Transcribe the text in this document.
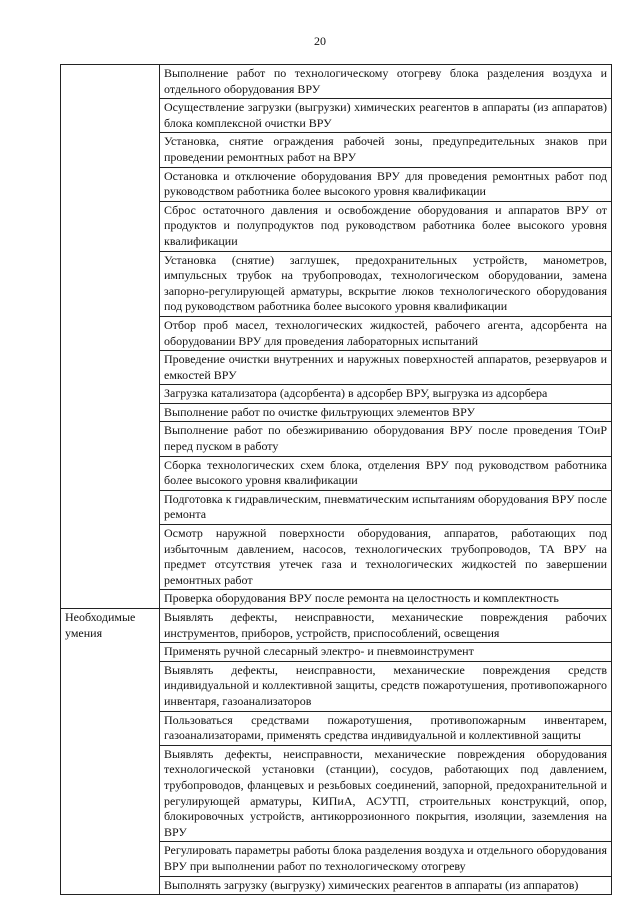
20
	Выполнение работ по технологическому отогреву блока разделения воздуха и отдельного оборудования ВРУ
	Осуществление загрузки (выгрузки) химических реагентов в аппараты (из аппаратов) блока комплексной очистки ВРУ
	Установка, снятие ограждения рабочей зоны, предупредительных знаков при проведении ремонтных работ на ВРУ
	Остановка и отключение оборудования ВРУ для проведения ремонтных работ под руководством работника более высокого уровня квалификации
	Сброс остаточного давления и освобождение оборудования и аппаратов ВРУ от продуктов и полупродуктов под руководством работника более высокого уровня квалификации
	Установка (снятие) заглушек, предохранительных устройств, манометров, импульсных трубок на трубопроводах, технологическом оборудовании, замена запорно-регулирующей арматуры, вскрытие люков технологического оборудования под руководством работника более высокого уровня квалификации
	Отбор проб масел, технологических жидкостей, рабочего агента, адсорбента на оборудовании ВРУ для проведения лабораторных испытаний
	Проведение очистки внутренних и наружных поверхностей аппаратов, резервуаров и емкостей ВРУ
	Загрузка катализатора (адсорбента) в адсорбер ВРУ, выгрузка из адсорбера
	Выполнение работ по очистке фильтрующих элементов ВРУ
	Выполнение работ по обезжириванию оборудования ВРУ после проведения ТОиР перед пуском в работу
	Сборка технологических схем блока, отделения ВРУ под руководством работника более высокого уровня квалификации
	Подготовка к гидравлическим, пневматическим испытаниям оборудования ВРУ после ремонта
	Осмотр наружной поверхности оборудования, аппаратов, работающих под избыточным давлением, насосов, технологических трубопроводов, ТА ВРУ на предмет отсутствия утечек газа и технологических жидкостей по завершении ремонтных работ
	Проверка оборудования ВРУ после ремонта на целостность и комплектность
Необходимые умения	Выявлять дефекты, неисправности, механические повреждения рабочих инструментов, приборов, устройств, приспособлений, освещения
	Применять ручной слесарный электро- и пневмоинструмент
	Выявлять дефекты, неисправности, механические повреждения средств индивидуальной и коллективной защиты, средств пожаротушения, противопожарного инвентаря, газоанализаторов
	Пользоваться средствами пожаротушения, противопожарным инвентарем, газоанализаторами, применять средства индивидуальной и коллективной защиты
	Выявлять дефекты, неисправности, механические повреждения оборудования технологической установки (станции), сосудов, работающих под давлением, трубопроводов, фланцевых и резьбовых соединений, запорной, предохранительной и регулирующей арматуры, КИПиА, АСУТП, строительных конструкций, опор, блокировочных устройств, антикоррозионного покрытия, изоляции, заземления на ВРУ
	Регулировать параметры работы блока разделения воздуха и отдельного оборудования ВРУ при выполнении работ по технологическому отогреву
	Выполнять загрузку (выгрузку) химических реагентов в аппараты (из аппаратов)
